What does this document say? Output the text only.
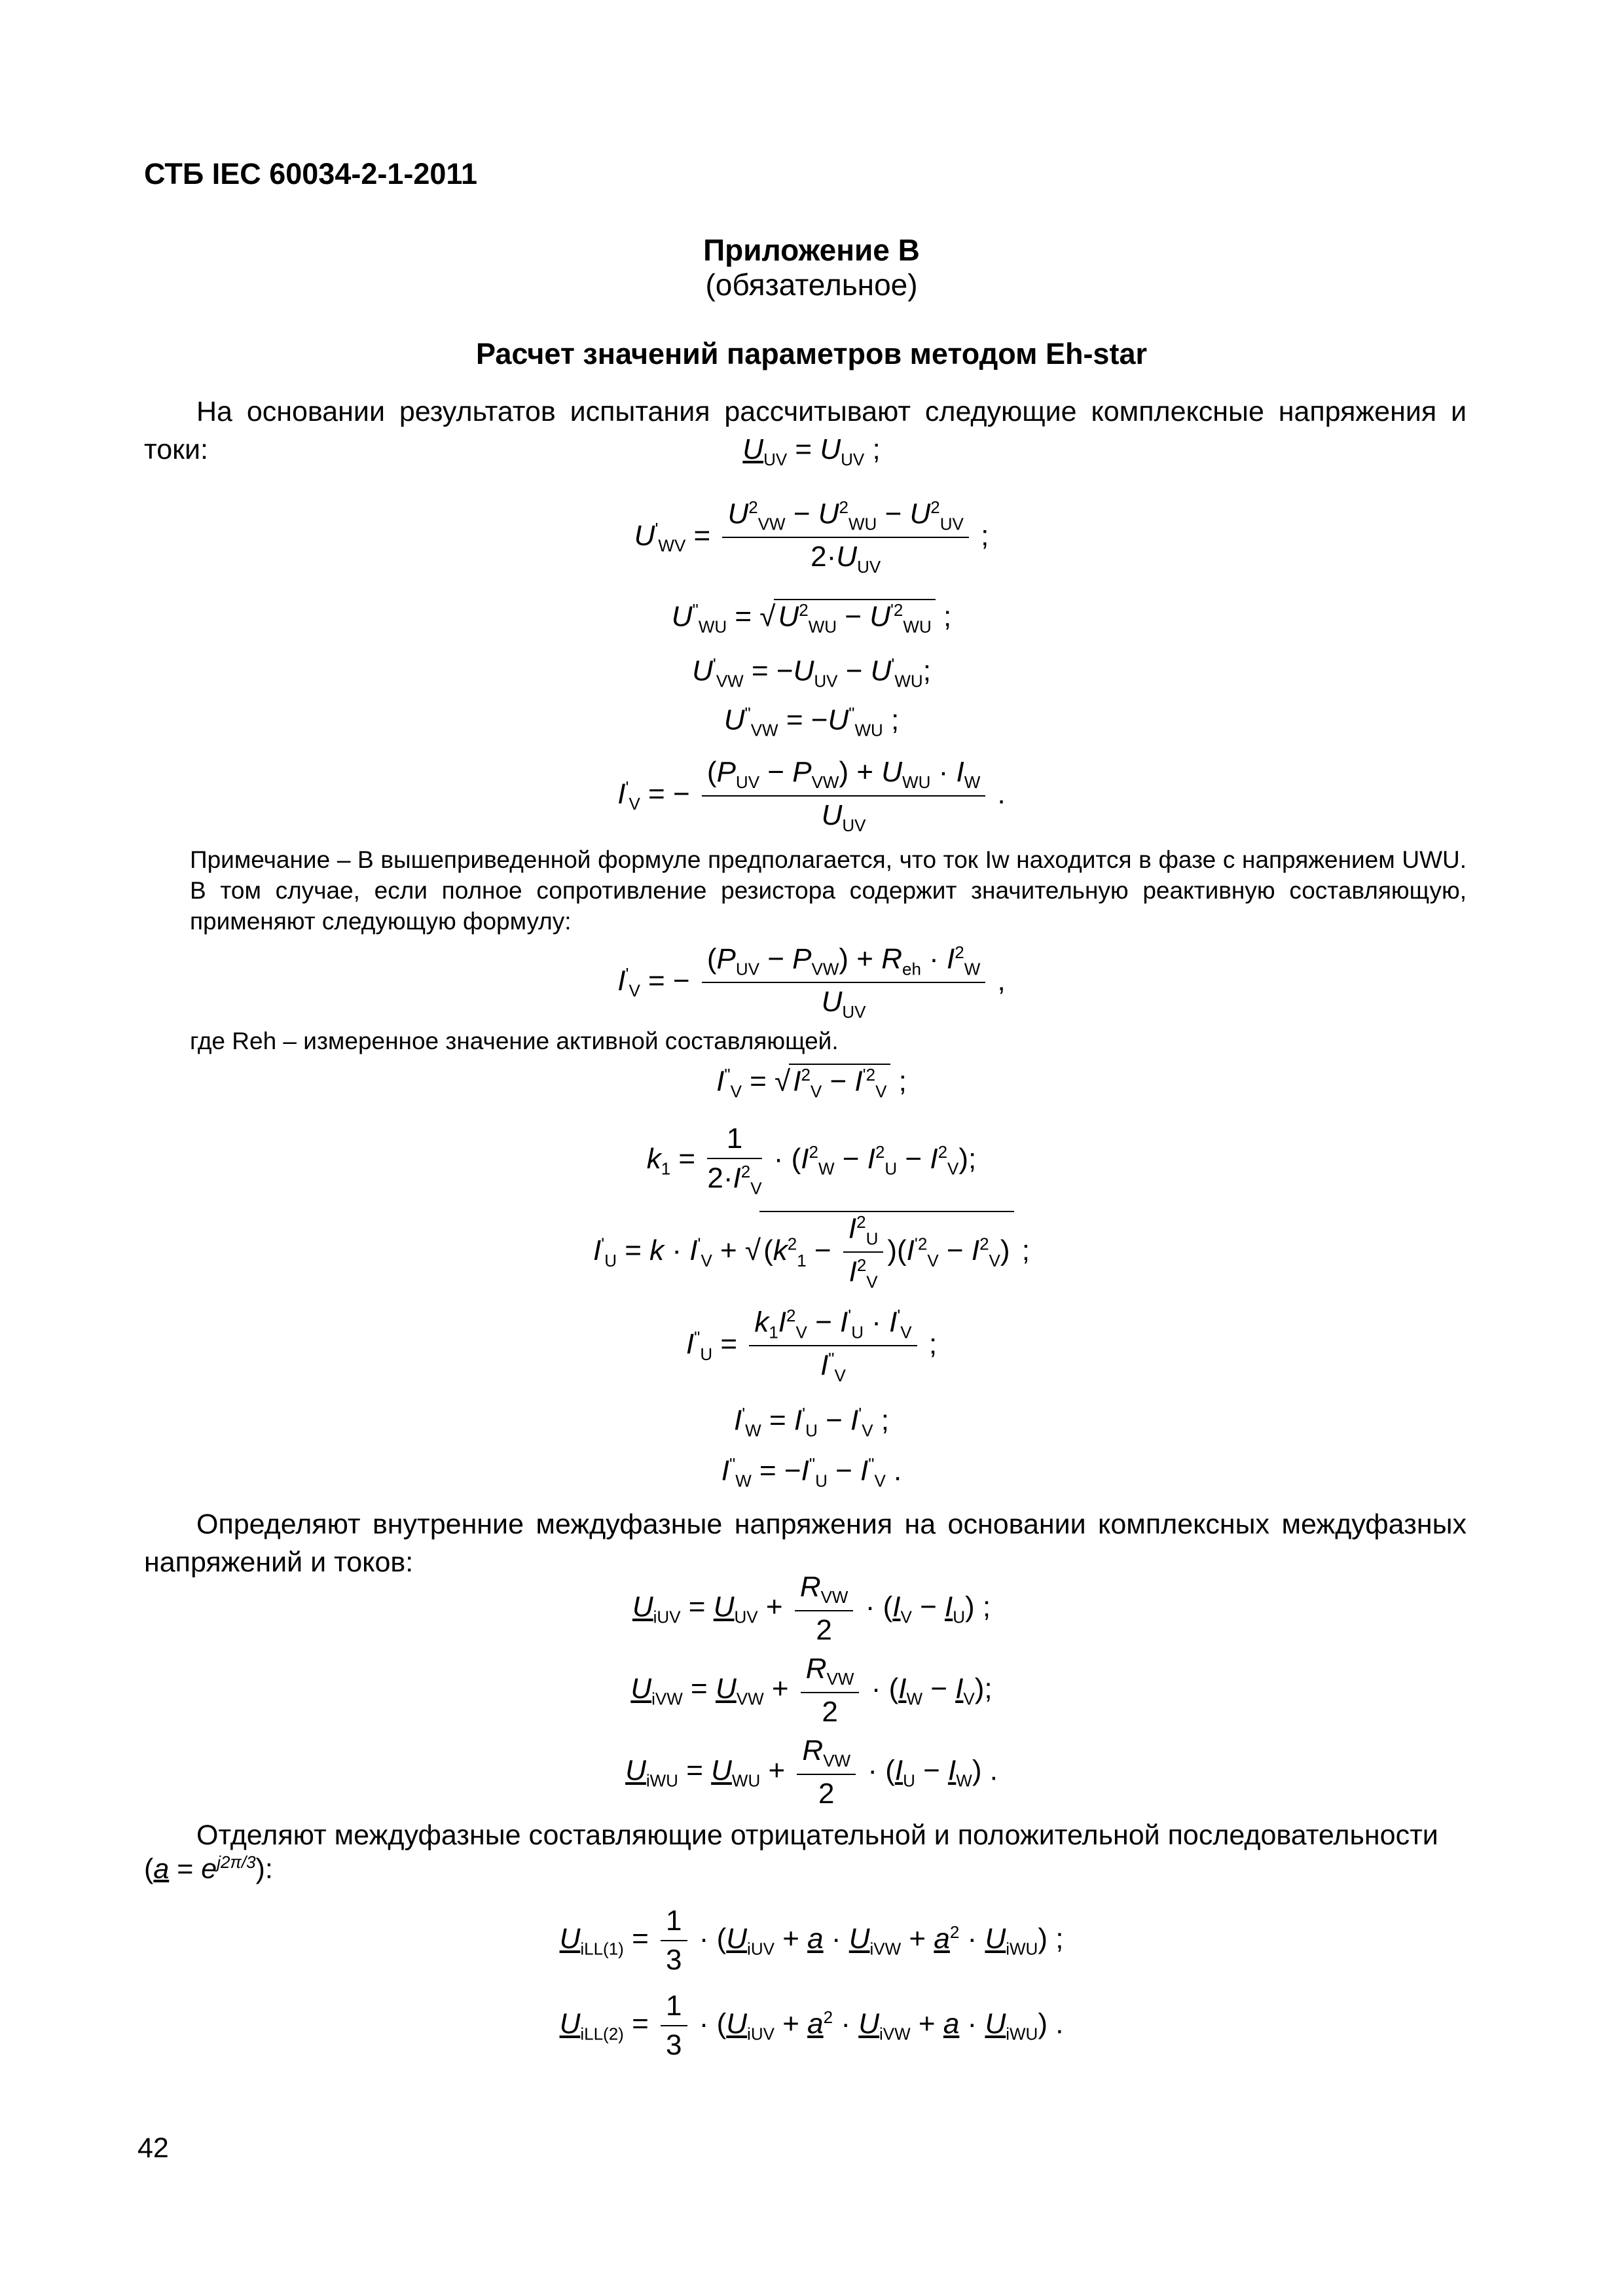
СТБ IEC 60034-2-1-2011
Приложение В
(обязательное)
Расчет значений параметров методом Eh-star
На основании результатов испытания рассчитывают следующие комплексные напряжения и токи:	$U_{UV} = U_{UV}$ ;
$U'_{WV} = \frac{U^2_{VW} - U^2_{WU} - U^2_{UV}}{2\cdot U_{UV}}$ ;
$U^"_{WU} = √U^2_{WU} - U^{'2}_{WU}$ ;
$U'_{VW} = -U_{UV} - U'_{WU}$;
$U^"_{VW} = -U^"_{WU}$ ;
$I'_V$ = − $\frac{(P_{UV} - P_{VW}) + U_{WU} \cdot I_W}{U_{UV}}$ .
Примечание – В вышеприведенной формуле предполагается, что ток Iw находится в фазе с напряжением UWU. В том случае, если полное сопротивление резистора содержит значительную реактивную составляющую, применяют следующую формулу:
$I'_V$ = − $\frac{(P_{UV} - P_{VW}) + R_{eh} \cdot I^2_W}{U_{UV}}$ ,
где Reh – измеренное значение активной составляющей.
$I^"_V = √I^2_V - I^{'2}_V$ ;
$k_1 = \frac{1}{2\cdot I^2_V} \cdot (I^2_W - I^2_U - I^2_V)$;
$I'_U = k \cdot I'_V + √(k^2_1 - \frac{I^2_U}{I^2_V} )(I^{'2}_V - I^2_V)$ ;
$I^"_U = \frac{k_1I^2_V - I'_U \cdot I'_V}{I^"_V}$ ;
$I'_W = I'_U - I'_V$ ;
$I^"_W = -I^"_U - I^"_V$ .
Определяют внутренние междуфазные напряжения на основании комплексных междуфазных напряжений и токов:
$U_{iUV} = U_{UV} + \frac{R_{VW}}{2} \cdot (I_V - I_U)$ ;
$U_{iVW} = U_{VW} + \frac{R_{VW}}{2} \cdot (I_W - I_V)$;
$U_{iWU} = U_{WU} + \frac{R_{VW}}{2} \cdot (I_U - I_W)$ .
Отделяют междуфазные составляющие отрицательной и положительной последовательности
$(a = e^{j2\pi/3})$:
$U_{iLL(1)} = \frac{1}{3} \cdot (U_{iUV} + a \cdot U_{iVW} + a^2 \cdot U_{iWU})$ ;
$U_{iLL(2)} = \frac{1}{3} \cdot (U_{iUV} + a^2 \cdot U_{iVW} + a \cdot U_{iWU})$ .
42
